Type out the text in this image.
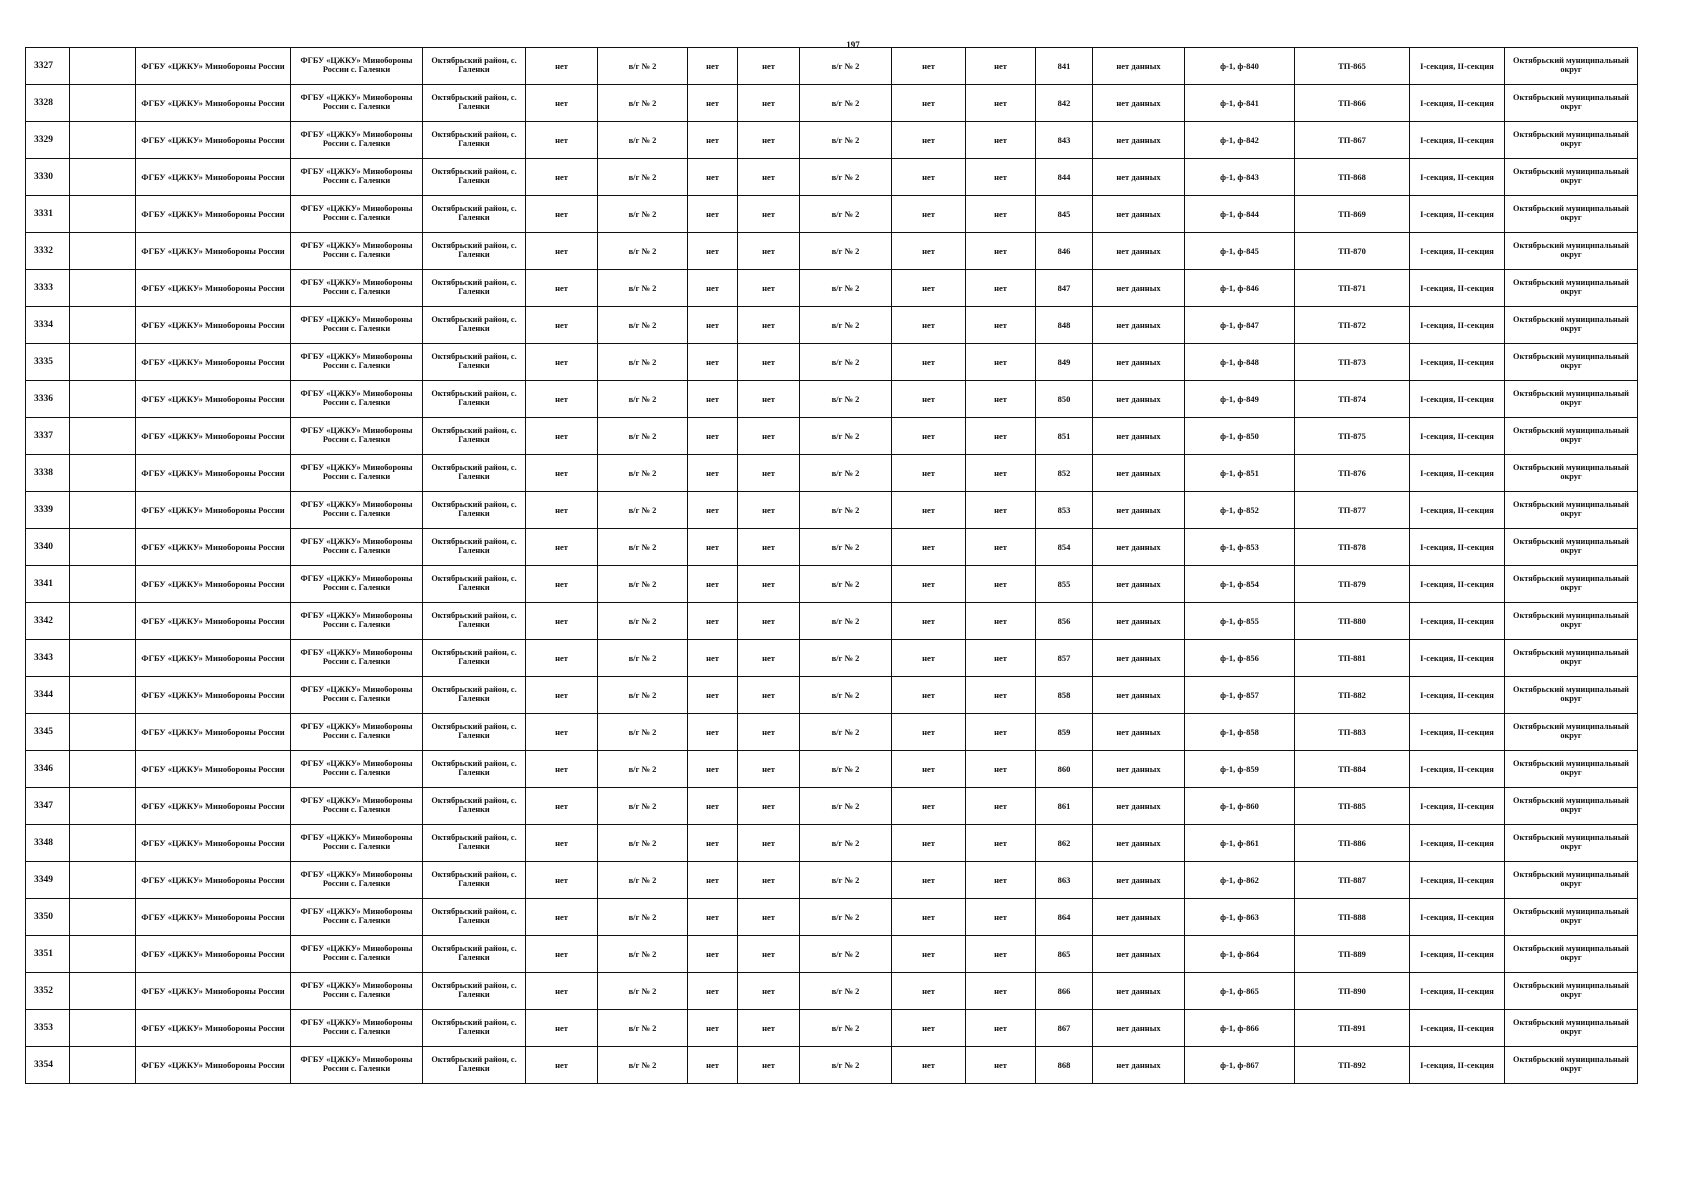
197
3327		ФГБУ «ЦЖКУ» Минобороны России	ФГБУ «ЦЖКУ» Минобороны России с. Галенки	Октябрьский район, с. Галенки	нет	в/г № 2	нет	нет	в/г № 2	нет	нет	841	нет данных	ф-1, ф-840	ТП-865	I-секция, II-секция	Октябрьский муниципальный округ
3328		ФГБУ «ЦЖКУ» Минобороны России	ФГБУ «ЦЖКУ» Минобороны России с. Галенки	Октябрьский район, с. Галенки	нет	в/г № 2	нет	нет	в/г № 2	нет	нет	842	нет данных	ф-1, ф-841	ТП-866	I-секция, II-секция	Октябрьский муниципальный округ
3329		ФГБУ «ЦЖКУ» Минобороны России	ФГБУ «ЦЖКУ» Минобороны России с. Галенки	Октябрьский район, с. Галенки	нет	в/г № 2	нет	нет	в/г № 2	нет	нет	843	нет данных	ф-1, ф-842	ТП-867	I-секция, II-секция	Октябрьский муниципальный округ
3330		ФГБУ «ЦЖКУ» Минобороны России	ФГБУ «ЦЖКУ» Минобороны России с. Галенки	Октябрьский район, с. Галенки	нет	в/г № 2	нет	нет	в/г № 2	нет	нет	844	нет данных	ф-1, ф-843	ТП-868	I-секция, II-секция	Октябрьский муниципальный округ
3331		ФГБУ «ЦЖКУ» Минобороны России	ФГБУ «ЦЖКУ» Минобороны России с. Галенки	Октябрьский район, с. Галенки	нет	в/г № 2	нет	нет	в/г № 2	нет	нет	845	нет данных	ф-1, ф-844	ТП-869	I-секция, II-секция	Октябрьский муниципальный округ
3332		ФГБУ «ЦЖКУ» Минобороны России	ФГБУ «ЦЖКУ» Минобороны России с. Галенки	Октябрьский район, с. Галенки	нет	в/г № 2	нет	нет	в/г № 2	нет	нет	846	нет данных	ф-1, ф-845	ТП-870	I-секция, II-секция	Октябрьский муниципальный округ
3333		ФГБУ «ЦЖКУ» Минобороны России	ФГБУ «ЦЖКУ» Минобороны России с. Галенки	Октябрьский район, с. Галенки	нет	в/г № 2	нет	нет	в/г № 2	нет	нет	847	нет данных	ф-1, ф-846	ТП-871	I-секция, II-секция	Октябрьский муниципальный округ
3334		ФГБУ «ЦЖКУ» Минобороны России	ФГБУ «ЦЖКУ» Минобороны России с. Галенки	Октябрьский район, с. Галенки	нет	в/г № 2	нет	нет	в/г № 2	нет	нет	848	нет данных	ф-1, ф-847	ТП-872	I-секция, II-секция	Октябрьский муниципальный округ
3335		ФГБУ «ЦЖКУ» Минобороны России	ФГБУ «ЦЖКУ» Минобороны России с. Галенки	Октябрьский район, с. Галенки	нет	в/г № 2	нет	нет	в/г № 2	нет	нет	849	нет данных	ф-1, ф-848	ТП-873	I-секция, II-секция	Октябрьский муниципальный округ
3336		ФГБУ «ЦЖКУ» Минобороны России	ФГБУ «ЦЖКУ» Минобороны России с. Галенки	Октябрьский район, с. Галенки	нет	в/г № 2	нет	нет	в/г № 2	нет	нет	850	нет данных	ф-1, ф-849	ТП-874	I-секция, II-секция	Октябрьский муниципальный округ
3337		ФГБУ «ЦЖКУ» Минобороны России	ФГБУ «ЦЖКУ» Минобороны России с. Галенки	Октябрьский район, с. Галенки	нет	в/г № 2	нет	нет	в/г № 2	нет	нет	851	нет данных	ф-1, ф-850	ТП-875	I-секция, II-секция	Октябрьский муниципальный округ
3338		ФГБУ «ЦЖКУ» Минобороны России	ФГБУ «ЦЖКУ» Минобороны России с. Галенки	Октябрьский район, с. Галенки	нет	в/г № 2	нет	нет	в/г № 2	нет	нет	852	нет данных	ф-1, ф-851	ТП-876	I-секция, II-секция	Октябрьский муниципальный округ
3339		ФГБУ «ЦЖКУ» Минобороны России	ФГБУ «ЦЖКУ» Минобороны России с. Галенки	Октябрьский район, с. Галенки	нет	в/г № 2	нет	нет	в/г № 2	нет	нет	853	нет данных	ф-1, ф-852	ТП-877	I-секция, II-секция	Октябрьский муниципальный округ
3340		ФГБУ «ЦЖКУ» Минобороны России	ФГБУ «ЦЖКУ» Минобороны России с. Галенки	Октябрьский район, с. Галенки	нет	в/г № 2	нет	нет	в/г № 2	нет	нет	854	нет данных	ф-1, ф-853	ТП-878	I-секция, II-секция	Октябрьский муниципальный округ
3341		ФГБУ «ЦЖКУ» Минобороны России	ФГБУ «ЦЖКУ» Минобороны России с. Галенки	Октябрьский район, с. Галенки	нет	в/г № 2	нет	нет	в/г № 2	нет	нет	855	нет данных	ф-1, ф-854	ТП-879	I-секция, II-секция	Октябрьский муниципальный округ
3342		ФГБУ «ЦЖКУ» Минобороны России	ФГБУ «ЦЖКУ» Минобороны России с. Галенки	Октябрьский район, с. Галенки	нет	в/г № 2	нет	нет	в/г № 2	нет	нет	856	нет данных	ф-1, ф-855	ТП-880	I-секция, II-секция	Октябрьский муниципальный округ
3343		ФГБУ «ЦЖКУ» Минобороны России	ФГБУ «ЦЖКУ» Минобороны России с. Галенки	Октябрьский район, с. Галенки	нет	в/г № 2	нет	нет	в/г № 2	нет	нет	857	нет данных	ф-1, ф-856	ТП-881	I-секция, II-секция	Октябрьский муниципальный округ
3344		ФГБУ «ЦЖКУ» Минобороны России	ФГБУ «ЦЖКУ» Минобороны России с. Галенки	Октябрьский район, с. Галенки	нет	в/г № 2	нет	нет	в/г № 2	нет	нет	858	нет данных	ф-1, ф-857	ТП-882	I-секция, II-секция	Октябрьский муниципальный округ
3345		ФГБУ «ЦЖКУ» Минобороны России	ФГБУ «ЦЖКУ» Минобороны России с. Галенки	Октябрьский район, с. Галенки	нет	в/г № 2	нет	нет	в/г № 2	нет	нет	859	нет данных	ф-1, ф-858	ТП-883	I-секция, II-секция	Октябрьский муниципальный округ
3346		ФГБУ «ЦЖКУ» Минобороны России	ФГБУ «ЦЖКУ» Минобороны России с. Галенки	Октябрьский район, с. Галенки	нет	в/г № 2	нет	нет	в/г № 2	нет	нет	860	нет данных	ф-1, ф-859	ТП-884	I-секция, II-секция	Октябрьский муниципальный округ
3347		ФГБУ «ЦЖКУ» Минобороны России	ФГБУ «ЦЖКУ» Минобороны России с. Галенки	Октябрьский район, с. Галенки	нет	в/г № 2	нет	нет	в/г № 2	нет	нет	861	нет данных	ф-1, ф-860	ТП-885	I-секция, II-секция	Октябрьский муниципальный округ
3348		ФГБУ «ЦЖКУ» Минобороны России	ФГБУ «ЦЖКУ» Минобороны России с. Галенки	Октябрьский район, с. Галенки	нет	в/г № 2	нет	нет	в/г № 2	нет	нет	862	нет данных	ф-1, ф-861	ТП-886	I-секция, II-секция	Октябрьский муниципальный округ
3349		ФГБУ «ЦЖКУ» Минобороны России	ФГБУ «ЦЖКУ» Минобороны России с. Галенки	Октябрьский район, с. Галенки	нет	в/г № 2	нет	нет	в/г № 2	нет	нет	863	нет данных	ф-1, ф-862	ТП-887	I-секция, II-секция	Октябрьский муниципальный округ
3350		ФГБУ «ЦЖКУ» Минобороны России	ФГБУ «ЦЖКУ» Минобороны России с. Галенки	Октябрьский район, с. Галенки	нет	в/г № 2	нет	нет	в/г № 2	нет	нет	864	нет данных	ф-1, ф-863	ТП-888	I-секция, II-секция	Октябрьский муниципальный округ
3351		ФГБУ «ЦЖКУ» Минобороны России	ФГБУ «ЦЖКУ» Минобороны России с. Галенки	Октябрьский район, с. Галенки	нет	в/г № 2	нет	нет	в/г № 2	нет	нет	865	нет данных	ф-1, ф-864	ТП-889	I-секция, II-секция	Октябрьский муниципальный округ
3352		ФГБУ «ЦЖКУ» Минобороны России	ФГБУ «ЦЖКУ» Минобороны России с. Галенки	Октябрьский район, с. Галенки	нет	в/г № 2	нет	нет	в/г № 2	нет	нет	866	нет данных	ф-1, ф-865	ТП-890	I-секция, II-секция	Октябрьский муниципальный округ
3353		ФГБУ «ЦЖКУ» Минобороны России	ФГБУ «ЦЖКУ» Минобороны России с. Галенки	Октябрьский район, с. Галенки	нет	в/г № 2	нет	нет	в/г № 2	нет	нет	867	нет данных	ф-1, ф-866	ТП-891	I-секция, II-секция	Октябрьский муниципальный округ
3354		ФГБУ «ЦЖКУ» Минобороны России	ФГБУ «ЦЖКУ» Минобороны России с. Галенки	Октябрьский район, с. Галенки	нет	в/г № 2	нет	нет	в/г № 2	нет	нет	868	нет данных	ф-1, ф-867	ТП-892	I-секция, II-секция	Октябрьский муниципальный округ
